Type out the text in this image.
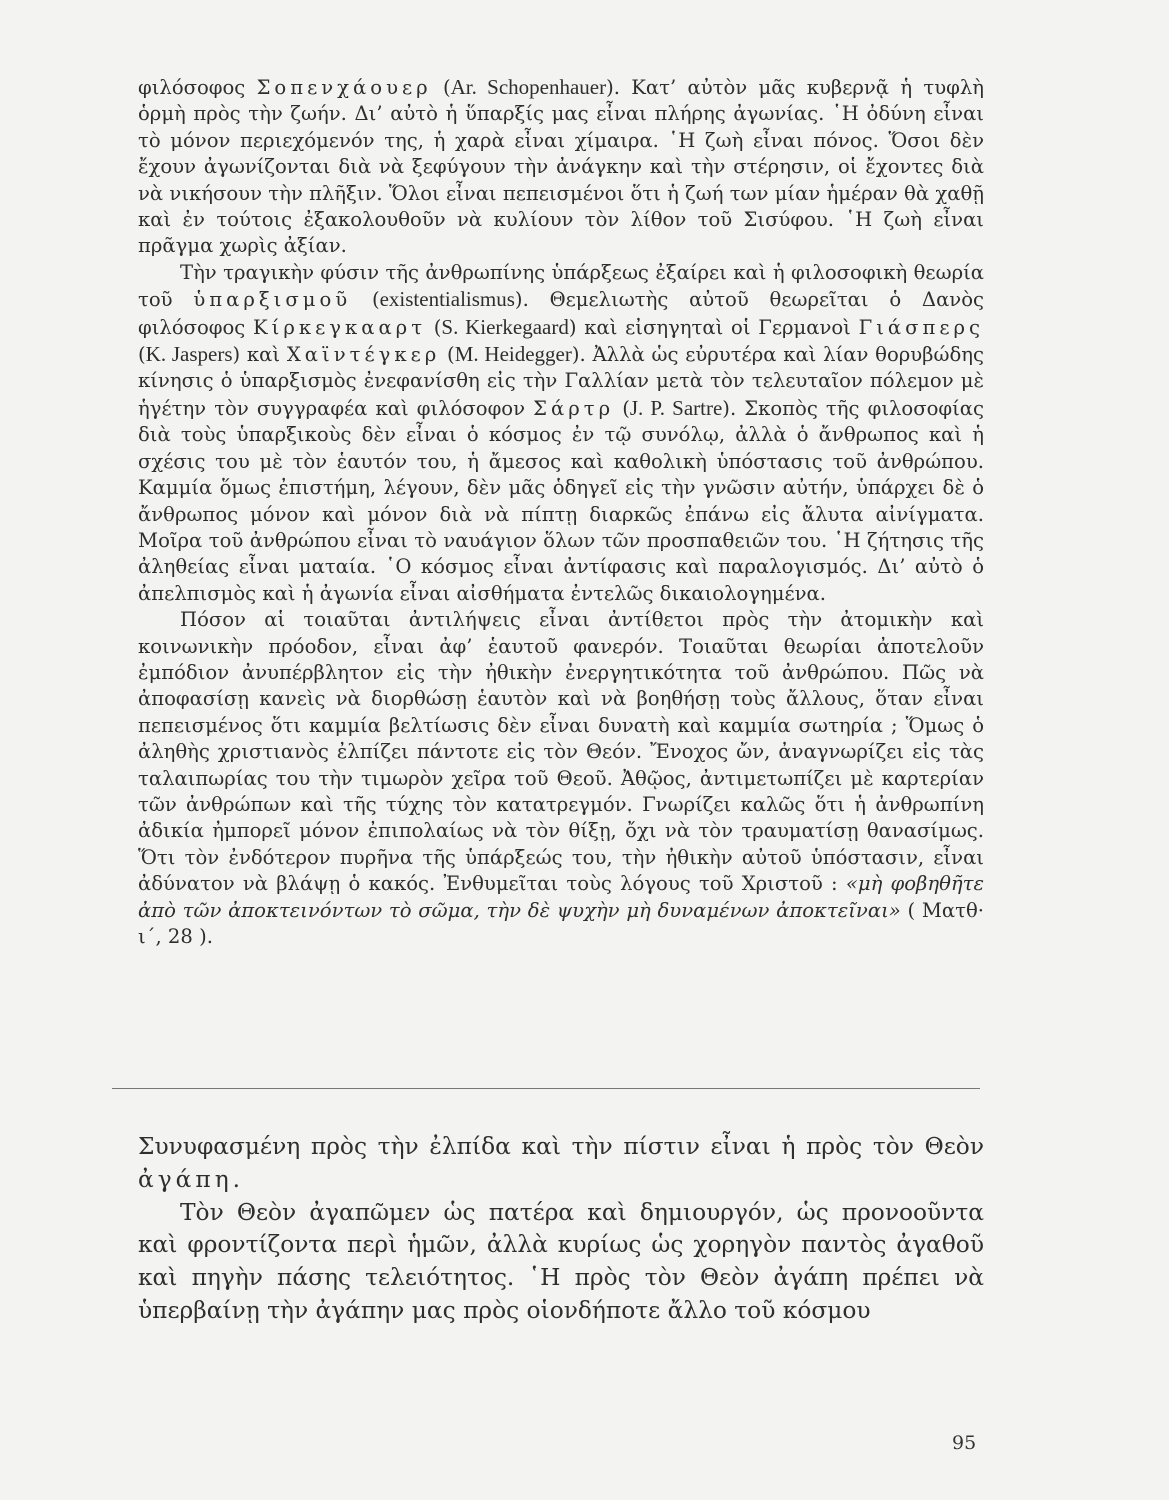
φιλόσοφος Σοπενχάουερ (Ar. Schopenhauer). Κατ’ αὐτὸν μᾶς κυβερνᾷ ἡ τυφλὴ ὁρμὴ πρὸς τὴν ζωήν. Δι’ αὐτὸ ἡ ὕπαρξίς μας εἶναι πλήρης ἀγωνίας. ῾Η ὀδύνη εἶναι τὸ μόνον περιεχόμενόν της, ἡ χαρὰ εἶναι χίμαιρα. ῾Η ζωὴ εἶναι πόνος. Ὅσοι δὲν ἔχουν ἀγωνίζονται διὰ νὰ ξεφύγουν τὴν ἀνάγκην καὶ τὴν στέρησιν, οἱ ἔχοντες διὰ νὰ νικήσουν τὴν πλῆξιν. Ὅλοι εἶναι πεπεισμένοι ὅτι ἡ ζωή των μίαν ἡμέραν θὰ χαθῇ καὶ ἐν τούτοις ἐξακολουθοῦν νὰ κυλίουν τὸν λίθον τοῦ Σισύφου. ῾Η ζωὴ εἶναι πρᾶγμα χωρὶς ἀξίαν.

Τὴν τραγικὴν φύσιν τῆς ἀνθρωπίνης ὑπάρξεως ἐξαίρει καὶ ἡ φιλοσοφικὴ θεωρία τοῦ ὑπαρξισμοῦ (existentialismus). Θεμελιωτὴς αὐτοῦ θεωρεῖται ὁ Δανὸς φιλόσοφος Κίρκεγκααρτ (S. Kierkegaard) καὶ εἰσηγηταὶ οἱ Γερμανοὶ Γιάσπερς (K. Jaspers) καὶ Χαϊντέγκερ (M. Heidegger). Ἀλλὰ ὡς εὐρυτέρα καὶ λίαν θορυβώδης κίνησις ὁ ὑπαρξισμὸς ἐνεφανίσθη εἰς τὴν Γαλλίαν μετὰ τὸν τελευταῖον πόλεμον μὲ ἡγέτην τὸν συγγραφέα καὶ φιλόσοφον Σάρτρ (J. P. Sartre). Σκοπὸς τῆς φιλοσοφίας διὰ τοὺς ὑπαρξικοὺς δὲν εἶναι ὁ κόσμος ἐν τῷ συνόλῳ, ἀλλὰ ὁ ἄνθρωπος καὶ ἡ σχέσις του μὲ τὸν ἑαυτόν του, ἡ ἄμεσος καὶ καθολικὴ ὑπόστασις τοῦ ἀνθρώπου. Καμμία ὅμως ἐπιστήμη, λέγουν, δὲν μᾶς ὁδηγεῖ εἰς τὴν γνῶσιν αὐτήν, ὑπάρχει δὲ ὁ ἄνθρωπος μόνον καὶ μόνον διὰ νὰ πίπτῃ διαρκῶς ἐπάνω εἰς ἄλυτα αἰνίγματα. Μοῖρα τοῦ ἀνθρώπου εἶναι τὸ ναυάγιον ὅλων τῶν προσπαθειῶν του. ῾Η ζήτησις τῆς ἀληθείας εἶναι ματαία. ῾Ο κόσμος εἶναι ἀντίφασις καὶ παραλογισμός. Δι’ αὐτὸ ὁ ἀπελπισμὸς καὶ ἡ ἀγωνία εἶναι αἰσθήματα ἐντελῶς δικαιολογημένα.

Πόσον αἱ τοιαῦται ἀντιλήψεις εἶναι ἀντίθετοι πρὸς τὴν ἀτομικὴν καὶ κοινωνικὴν πρόοδον, εἶναι ἀφ’ ἑαυτοῦ φανερόν. Τοιαῦται θεωρίαι ἀποτελοῦν ἐμπόδιον ἀνυπέρβλητον εἰς τὴν ἠθικὴν ἐνεργητικότητα τοῦ ἀνθρώπου. Πῶς νὰ ἀποφασίσῃ κανεὶς νὰ διορθώσῃ ἑαυτὸν καὶ νὰ βοηθήσῃ τοὺς ἄλλους, ὅταν εἶναι πεπεισμένος ὅτι καμμία βελτίωσις δὲν εἶναι δυνατὴ καὶ καμμία σωτηρία ; Ὅμως ὁ ἀληθὴς χριστιανὸς ἐλπίζει πάντοτε εἰς τὸν Θεόν. Ἔνοχος ὤν, ἀναγνωρίζει εἰς τὰς ταλαιπωρίας του τὴν τιμωρὸν χεῖρα τοῦ Θεοῦ. Ἀθῷος, ἀντιμετωπίζει μὲ καρτερίαν τῶν ἀνθρώπων καὶ τῆς τύχης τὸν κατατρεγμόν. Γνωρίζει καλῶς ὅτι ἡ ἀνθρωπίνη ἀδικία ἠμπορεῖ μόνον ἐπιπολαίως νὰ τὸν θίξῃ, ὄχι νὰ τὸν τραυματίσῃ θανασίμως. Ὅτι τὸν ἐνδότερον πυρῆνα τῆς ὑπάρξεώς του, τὴν ἠθικὴν αὐτοῦ ὑπόστασιν, εἶναι ἀδύνατον νὰ βλάψῃ ὁ κακός. Ἐνθυμεῖται τοὺς λόγους τοῦ Χριστοῦ : «μὴ φοβηθῆτε ἀπὸ τῶν ἀποκτεινόντων τὸ σῶμα, τὴν δὲ ψυχὴν μὴ δυναμένων ἀποκτεῖναι» ( Ματθ· ι΄, 28 ).

Συνυφασμένη πρὸς τὴν ἐλπίδα καὶ τὴν πίστιν εἶναι ἡ πρὸς τὸν Θεὸν ἀγάπη.

Τὸν Θεὸν ἀγαπῶμεν ὡς πατέρα καὶ δημιουργόν, ὡς προνοοῦντα καὶ φροντίζοντα περὶ ἡμῶν, ἀλλὰ κυρίως ὡς χορηγὸν παντὸς ἀγαθοῦ καὶ πηγὴν πάσης τελειότητος. ῾Η πρὸς τὸν Θεὸν ἀγάπη πρέπει νὰ ὑπερβαίνῃ τὴν ἀγάπην μας πρὸς οἱονδήποτε ἄλλο τοῦ κόσμου

95
